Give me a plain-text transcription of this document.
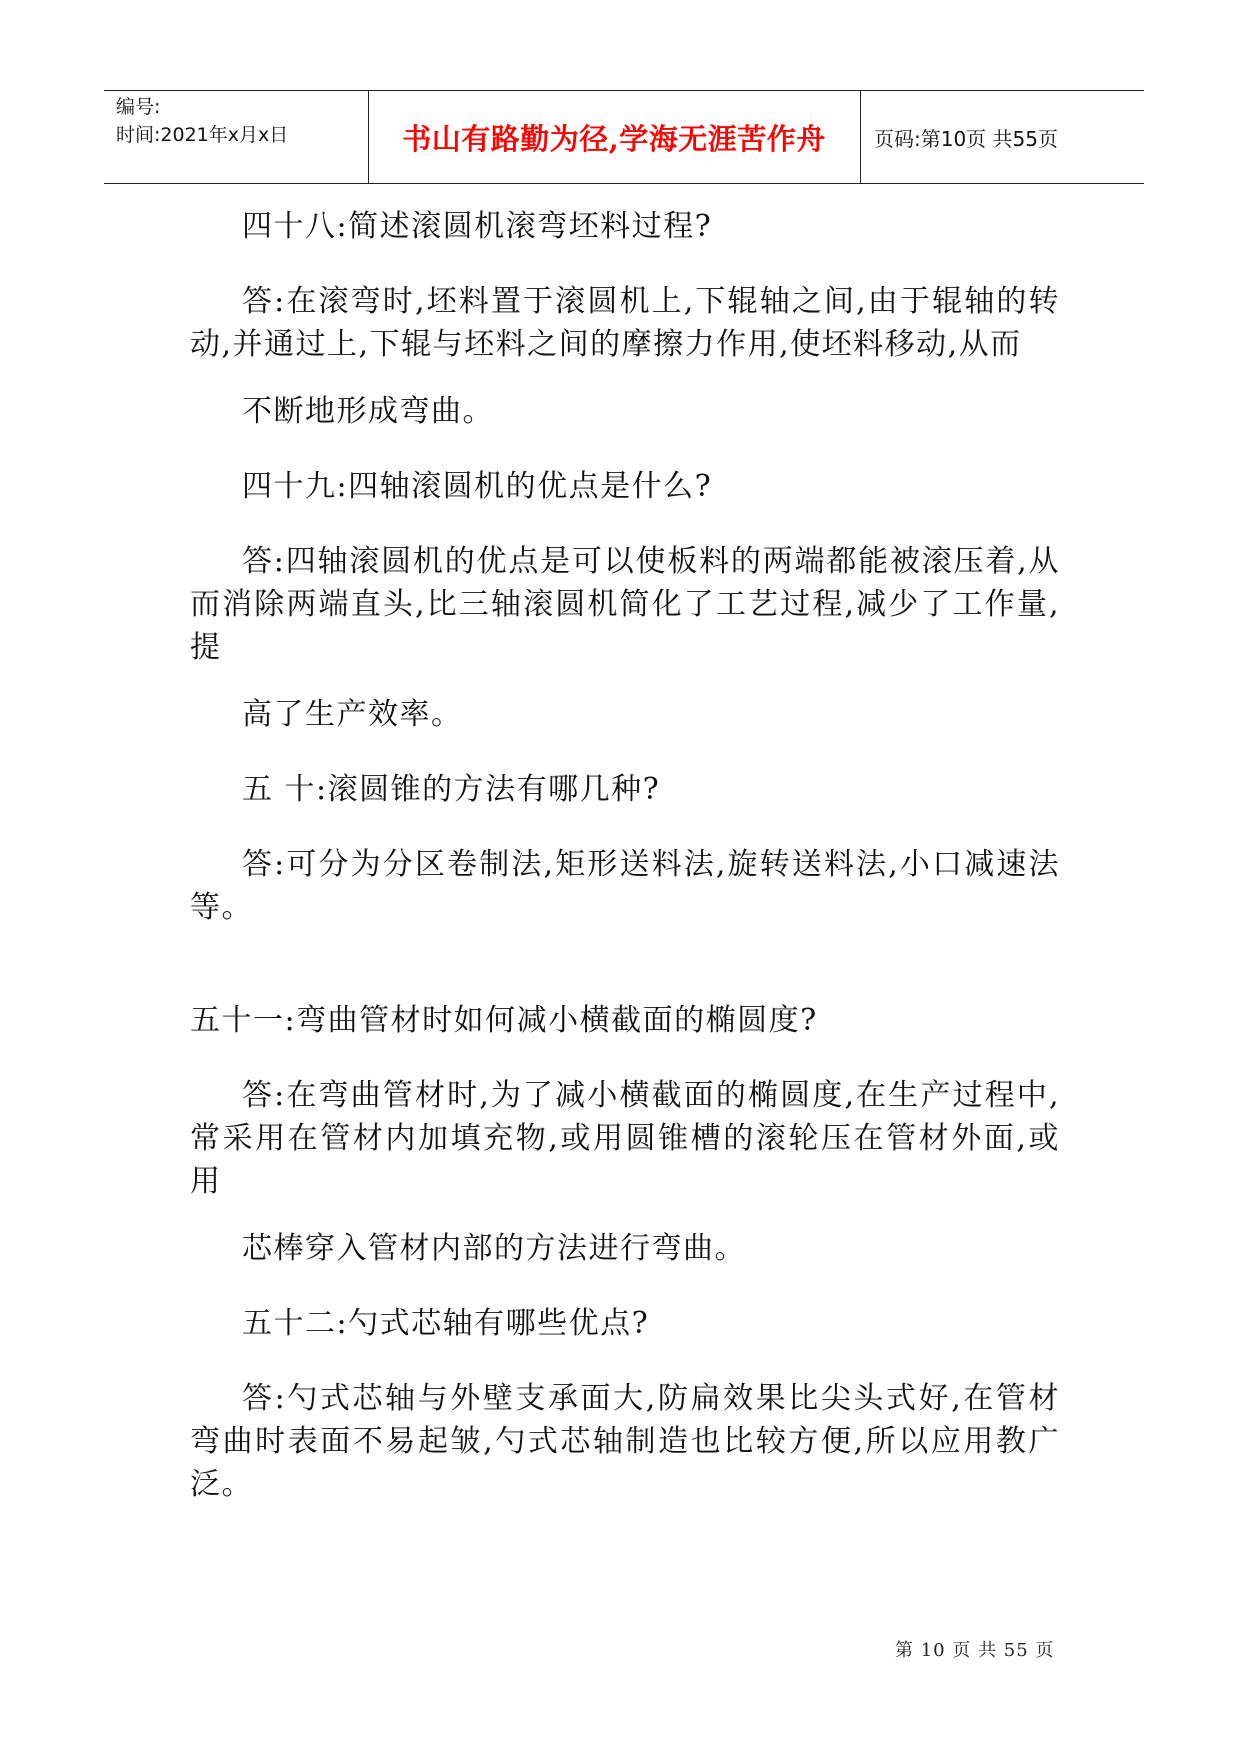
编号:
时间:2021年x月x日	书山有路勤为径,学海无涯苦作舟	页码:第10页 共55页

四十八:简述滚圆机滚弯坯料过程?

答:在滚弯时,坯料置于滚圆机上,下辊轴之间,由于辊轴的转动,并通过上,下辊与坯料之间的摩擦力作用,使坯料移动,从而

不断地形成弯曲。

四十九:四轴滚圆机的优点是什么?

答:四轴滚圆机的优点是可以使板料的两端都能被滚压着,从而消除两端直头,比三轴滚圆机简化了工艺过程,减少了工作量,提

高了生产效率。

五 十:滚圆锥的方法有哪几种?

答:可分为分区卷制法,矩形送料法,旋转送料法,小口减速法等。

五十一:弯曲管材时如何减小横截面的椭圆度?

答:在弯曲管材时,为了减小横截面的椭圆度,在生产过程中,常采用在管材内加填充物,或用圆锥槽的滚轮压在管材外面,或用

芯棒穿入管材内部的方法进行弯曲。

五十二:勺式芯轴有哪些优点?

答:勺式芯轴与外壁支承面大,防扁效果比尖头式好,在管材弯曲时表面不易起皱,勺式芯轴制造也比较方便,所以应用教广泛。

第 10 页 共 55 页
